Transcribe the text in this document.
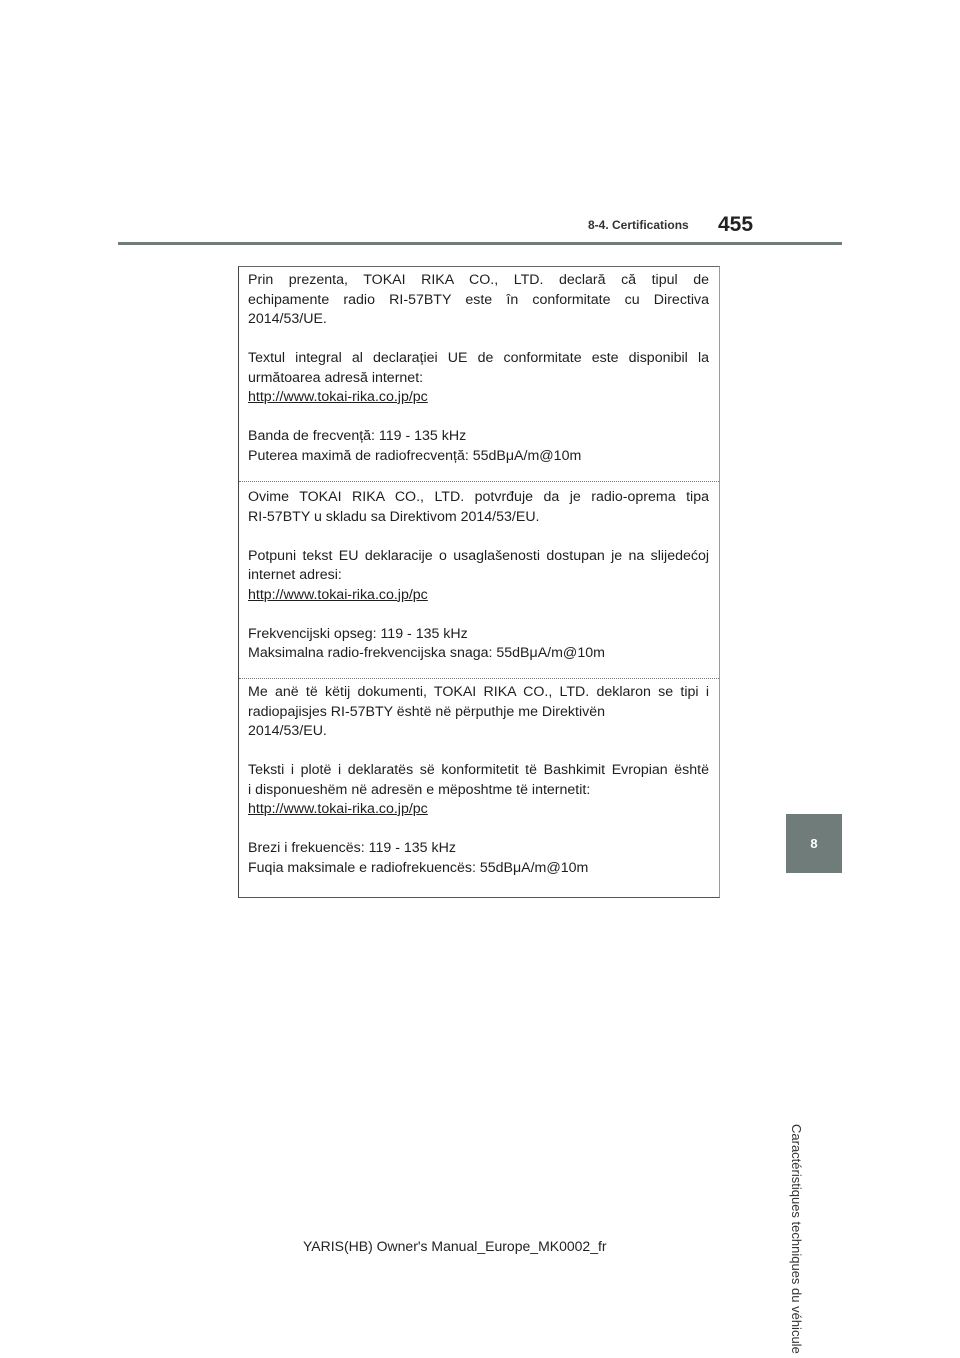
8-4. Certifications 455
8
Caractéristiques techniques du véhicule

Prin prezenta, TOKAI RIKA CO., LTD. declară că tipul de

echipamente radio RI-57BTY este în conformitate cu Directiva

2014/53/UE.

Textul integral al declarației UE de conformitate este disponibil la

următoarea adresă internet:

http://www.tokai-rika.co.jp/pc

Banda de frecvență: 119 - 135 kHz

Puterea maximă de radiofrecvență: 55dBμA/m@10m

Ovime TOKAI RIKA CO., LTD. potvrđuje da je radio-oprema tipa

RI-57BTY u skladu sa Direktivom 2014/53/EU.

Potpuni tekst EU deklaracije o usaglašenosti dostupan je na slijedećoj

internet adresi:

http://www.tokai-rika.co.jp/pc

Frekvencijski opseg: 119 - 135 kHz

Maksimalna radio-frekvencijska snaga: 55dBμA/m@10m

Me anë të këtij dokumenti, TOKAI RIKA CO., LTD. deklaron se tipi i

radiopajisjes RI-57BTY është në përputhje me Direktivën

2014/53/EU.

Teksti i plotë i deklaratës së konformitetit të Bashkimit Evropian është

i disponueshëm në adresën e mëposhtme të internetit:

http://www.tokai-rika.co.jp/pc

Brezi i frekuencës: 119 - 135 kHz

Fuqia maksimale e radiofrekuencës: 55dBμA/m@10m

YARIS(HB) Owner's Manual_Europe_MK0002_fr
